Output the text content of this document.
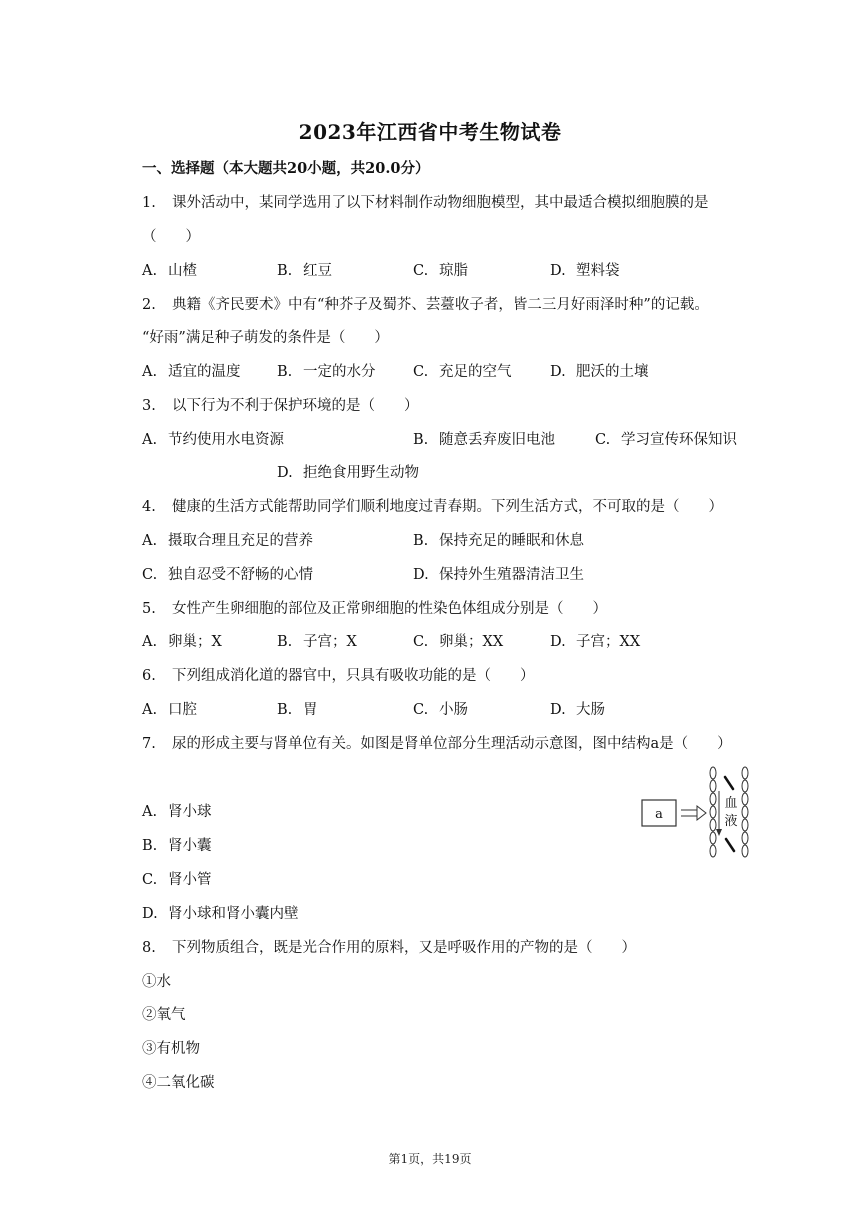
2023年江西省中考生物试卷
一、选择题（本大题共20小题，共20.0分）
1. 课外活动中，某同学选用了以下材料制作动物细胞模型，其中最适合模拟细胞膜的是
（　　）
A. 山楂	B. 红豆	C. 琼脂	D. 塑料袋
2. 典籍《齐民要术》中有“种芥子及蜀芥、芸薹收子者，皆二三月好雨泽时种”的记载。
“好雨”满足种子萌发的条件是（　　）
A. 适宜的温度	B. 一定的水分	C. 充足的空气	D. 肥沃的土壤
3. 以下行为不利于保护环境的是（　　）
A. 节约使用水电资源	B. 随意丢弃废旧电池	C. 学习宣传环保知识
D. 拒绝食用野生动物
4. 健康的生活方式能帮助同学们顺利地度过青春期。下列生活方式，不可取的是（　　）
A. 摄取合理且充足的营养	B. 保持充足的睡眠和休息
C. 独自忍受不舒畅的心情	D. 保持外生殖器清洁卫生
5. 女性产生卵细胞的部位及正常卵细胞的性染色体组成分别是（　　）
A. 卵巢；X	B. 子宫；X	C. 卵巢；XX	D. 子宫；XX
6. 下列组成消化道的器官中，只具有吸收功能的是（　　）
A. 口腔	B. 胃	C. 小肠	D. 大肠
7. 尿的形成主要与肾单位有关。如图是肾单位部分生理活动示意图，图中结构a是（　　）
A. 肾小球
B. 肾小囊
C. 肾小管
D. 肾小球和肾小囊内壁
a
血
液
8. 下列物质组合，既是光合作用的原料，又是呼吸作用的产物的是（　　）
①水
②氧气
③有机物
④二氧化碳
第1页，共19页
